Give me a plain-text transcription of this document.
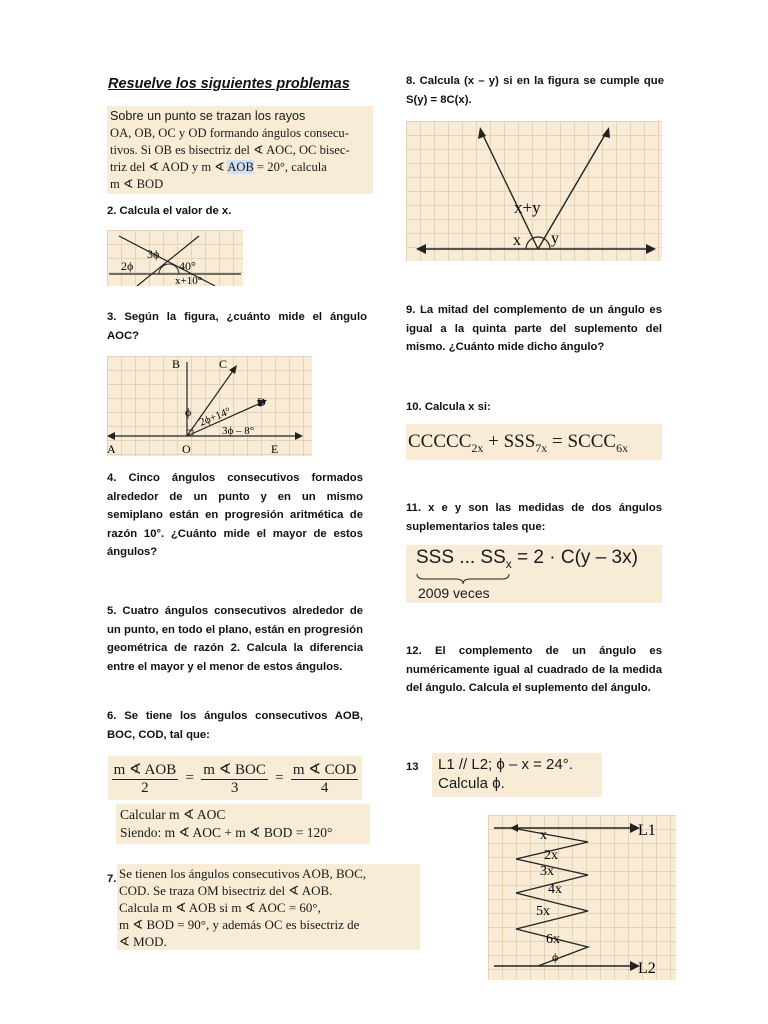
Resuelve los siguientes problemas
Sobre un punto se trazan los rayos
OA, OB, OC y OD formando ángulos consecu-
tivos. Si OB es bisectriz del ∢ AOC, OC bisec-
triz del ∢ AOD y m ∢ AOB = 20°, calcula
m ∢ BOD
2. Calcula el valor de x.
2ϕ
3ϕ
40°
x+10°
3. Según la figura, ¿cuánto mide el ángulo AOC?
B	C
D
A	O	E
ϕ 2ϕ+14°
3ϕ – 8°
4. Cinco ángulos consecutivos formados alrededor de un punto y en un mismo semiplano están en progresión aritmética de razón 10°. ¿Cuánto mide el mayor de estos ángulos?
5. Cuatro ángulos consecutivos alrededor de un punto, en todo el plano, están en progresión geométrica de razón 2. Calcula la diferencia entre el mayor y el menor de estos ángulos.
6. Se tiene los ángulos consecutivos AOB, BOC, COD, tal que:
m ∢ AOB
2
= m ∢ BOC
3
= m ∢ COD
4
Calcular m ∢ AOC
Siendo: m ∢ AOC + m ∢ BOD = 120°
7. Se tienen los ángulos consecutivos AOB, BOC,
COD. Se traza OM bisectriz del ∢ AOB.
Calcula m ∢ AOB si m ∢ AOC = 60°,
m ∢ BOD = 90°, y además OC es bisectriz de
∢ MOD.
8. Calcula (x – y) si en la figura se cumple que S(y) = 8C(x).
x+y
x y
9. La mitad del complemento de un ángulo es igual a la quinta parte del suplemento del mismo. ¿Cuánto mide dicho ángulo?
10. Calcula x si:
$CCCCC_{2x} + SSS_{7x}$ = $SCCC_{6x}$
11. x e y son las medidas de dos ángulos suplementarios tales que:
SSS ... $SS_x = 2 \cdot C(y - 3x)$
2009 veces
12. El complemento de un ángulo es numéricamente igual al cuadrado de la medida del ángulo. Calcula el suplemento del ángulo.
13 L1 // L2; ϕ – x = 24°.
Calcula ϕ.
x
2x
3x
4x
5x
6x
ϕ
L1
L2
